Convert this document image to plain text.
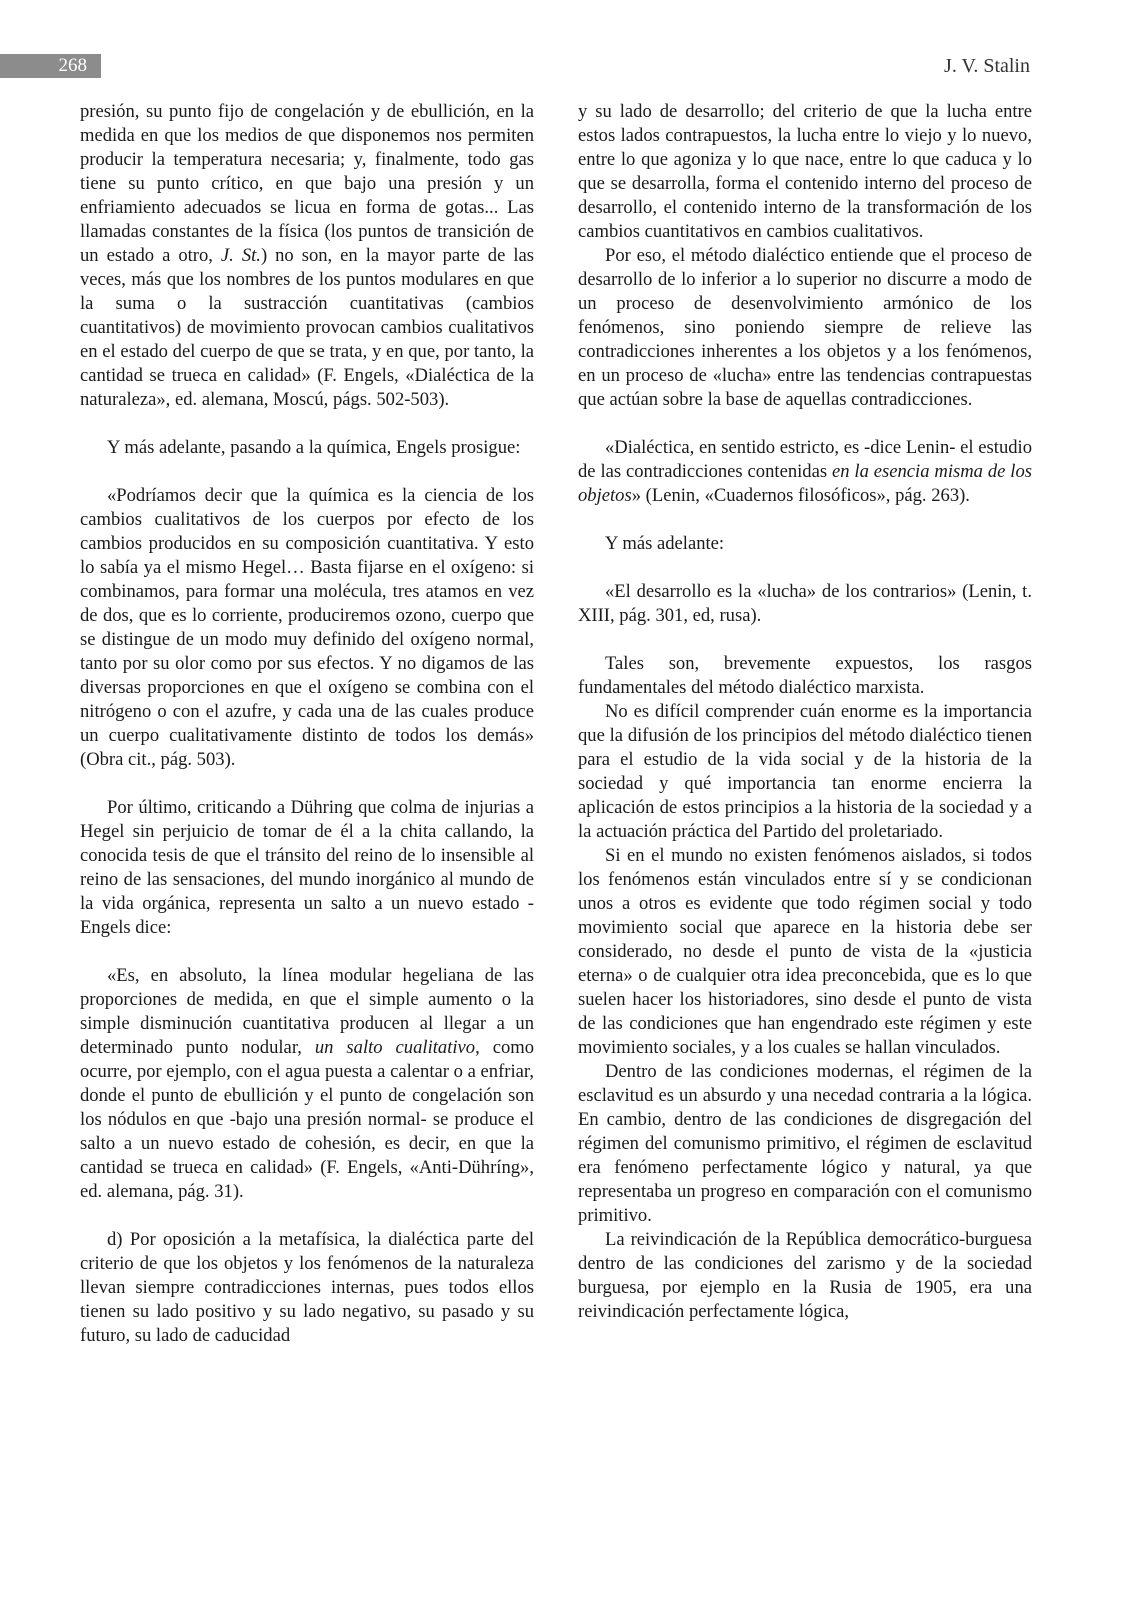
268	J. V. Stalin

presión, su punto fijo de congelación y de ebullición, en la medida en que los medios de que disponemos nos permiten producir la temperatura necesaria; y, finalmente, todo gas tiene su punto crítico, en que bajo una presión y un enfriamiento adecuados se licua en forma de gotas... Las llamadas constantes de la física (los puntos de transición de un estado a otro, J. St.) no son, en la mayor parte de las veces, más que los nombres de los puntos modulares en que la suma o la sustracción cuantitativas (cambios cuantitativos) de movimiento provocan cambios cualitativos en el estado del cuerpo de que se trata, y en que, por tanto, la cantidad se trueca en calidad» (F. Engels, «Dialéctica de la naturaleza», ed. alemana, Moscú, págs. 502-503).

Y más adelante, pasando a la química, Engels prosigue:

«Podríamos decir que la química es la ciencia de los cambios cualitativos de los cuerpos por efecto de los cambios producidos en su composición cuantitativa. Y esto lo sabía ya el mismo Hegel… Basta fijarse en el oxígeno: si combinamos, para formar una molécula, tres atamos en vez de dos, que es lo corriente, produciremos ozono, cuerpo que se distingue de un modo muy definido del oxígeno normal, tanto por su olor como por sus efectos. Y no digamos de las diversas proporciones en que el oxígeno se combina con el nitrógeno o con el azufre, y cada una de las cuales produce un cuerpo cualitativamente distinto de todos los demás» (Obra cit., pág. 503).

Por último, criticando a Dühring que colma de injurias a Hegel sin perjuicio de tomar de él a la chita callando, la conocida tesis de que el tránsito del reino de lo insensible al reino de las sensaciones, del mundo inorgánico al mundo de la vida orgánica, representa un salto a un nuevo estado -Engels dice:

«Es, en absoluto, la línea modular hegeliana de las proporciones de medida, en que el simple aumento o la simple disminución cuantitativa producen al llegar a un determinado punto nodular, un salto cualitativo, como ocurre, por ejemplo, con el agua puesta a calentar o a enfriar, donde el punto de ebullición y el punto de congelación son los nódulos en que -bajo una presión normal- se produce el salto a un nuevo estado de cohesión, es decir, en que la cantidad se trueca en calidad» (F. Engels, «Anti-Dühríng», ed. alemana, pág. 31).

d) Por oposición a la metafísica, la dialéctica parte del criterio de que los objetos y los fenómenos de la naturaleza llevan siempre contradicciones internas, pues todos ellos tienen su lado positivo y su lado negativo, su pasado y su futuro, su lado de caducidad

y su lado de desarrollo; del criterio de que la lucha entre estos lados contrapuestos, la lucha entre lo viejo y lo nuevo, entre lo que agoniza y lo que nace, entre lo que caduca y lo que se desarrolla, forma el contenido interno del proceso de desarrollo, el contenido interno de la transformación de los cambios cuantitativos en cambios cualitativos.

Por eso, el método dialéctico entiende que el proceso de desarrollo de lo inferior a lo superior no discurre a modo de un proceso de desenvolvimiento armónico de los fenómenos, sino poniendo siempre de relieve las contradicciones inherentes a los objetos y a los fenómenos, en un proceso de «lucha» entre las tendencias contrapuestas que actúan sobre la base de aquellas contradicciones.

«Dialéctica, en sentido estricto, es -dice Lenin- el estudio de las contradicciones contenidas en la esencia misma de los objetos» (Lenin, «Cuadernos filosóficos», pág. 263).

Y más adelante:

«El desarrollo es la «lucha» de los contrarios» (Lenin, t. XIII, pág. 301, ed, rusa).

Tales son, brevemente expuestos, los rasgos fundamentales del método dialéctico marxista.

No es difícil comprender cuán enorme es la importancia que la difusión de los principios del método dialéctico tienen para el estudio de la vida social y de la historia de la sociedad y qué importancia tan enorme encierra la aplicación de estos principios a la historia de la sociedad y a la actuación práctica del Partido del proletariado.

Si en el mundo no existen fenómenos aislados, si todos los fenómenos están vinculados entre sí y se condicionan unos a otros es evidente que todo régimen social y todo movimiento social que aparece en la historia debe ser considerado, no desde el punto de vista de la «justicia eterna» o de cualquier otra idea preconcebida, que es lo que suelen hacer los historiadores, sino desde el punto de vista de las condiciones que han engendrado este régimen y este movimiento sociales, y a los cuales se hallan vinculados.

Dentro de las condiciones modernas, el régimen de la esclavitud es un absurdo y una necedad contraria a la lógica. En cambio, dentro de las condiciones de disgregación del régimen del comunismo primitivo, el régimen de esclavitud era fenómeno perfectamente lógico y natural, ya que representaba un progreso en comparación con el comunismo primitivo.

La reivindicación de la República democrático-burguesa dentro de las condiciones del zarismo y de la sociedad burguesa, por ejemplo en la Rusia de 1905, era una reivindicación perfectamente lógica,
